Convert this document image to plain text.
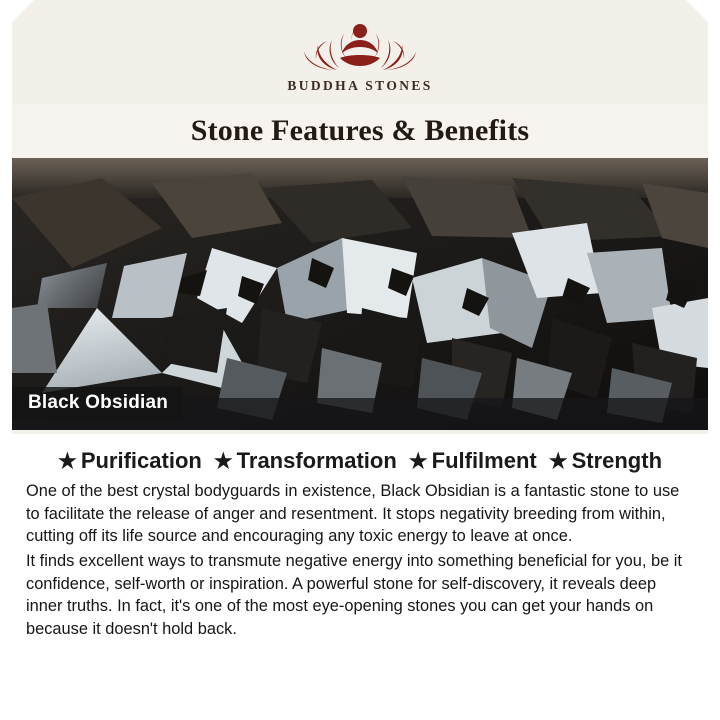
BUDDHA STONES
Stone Features & Benefits
Black Obsidian
★ Purification ★ Transformation ★ Fulfilment ★ Strength

One of the best crystal bodyguards in existence, Black Obsidian is a fantastic stone to use to facilitate the release of anger and resentment. It stops negativity breeding from within, cutting off its life source and encouraging any toxic energy to leave at once.

It finds excellent ways to transmute negative energy into something beneficial for you, be it confidence, self-worth or inspiration. A powerful stone for self-discovery, it reveals deep inner truths. In fact, it's one of the most eye-opening stones you can get your hands on because it doesn't hold back.
